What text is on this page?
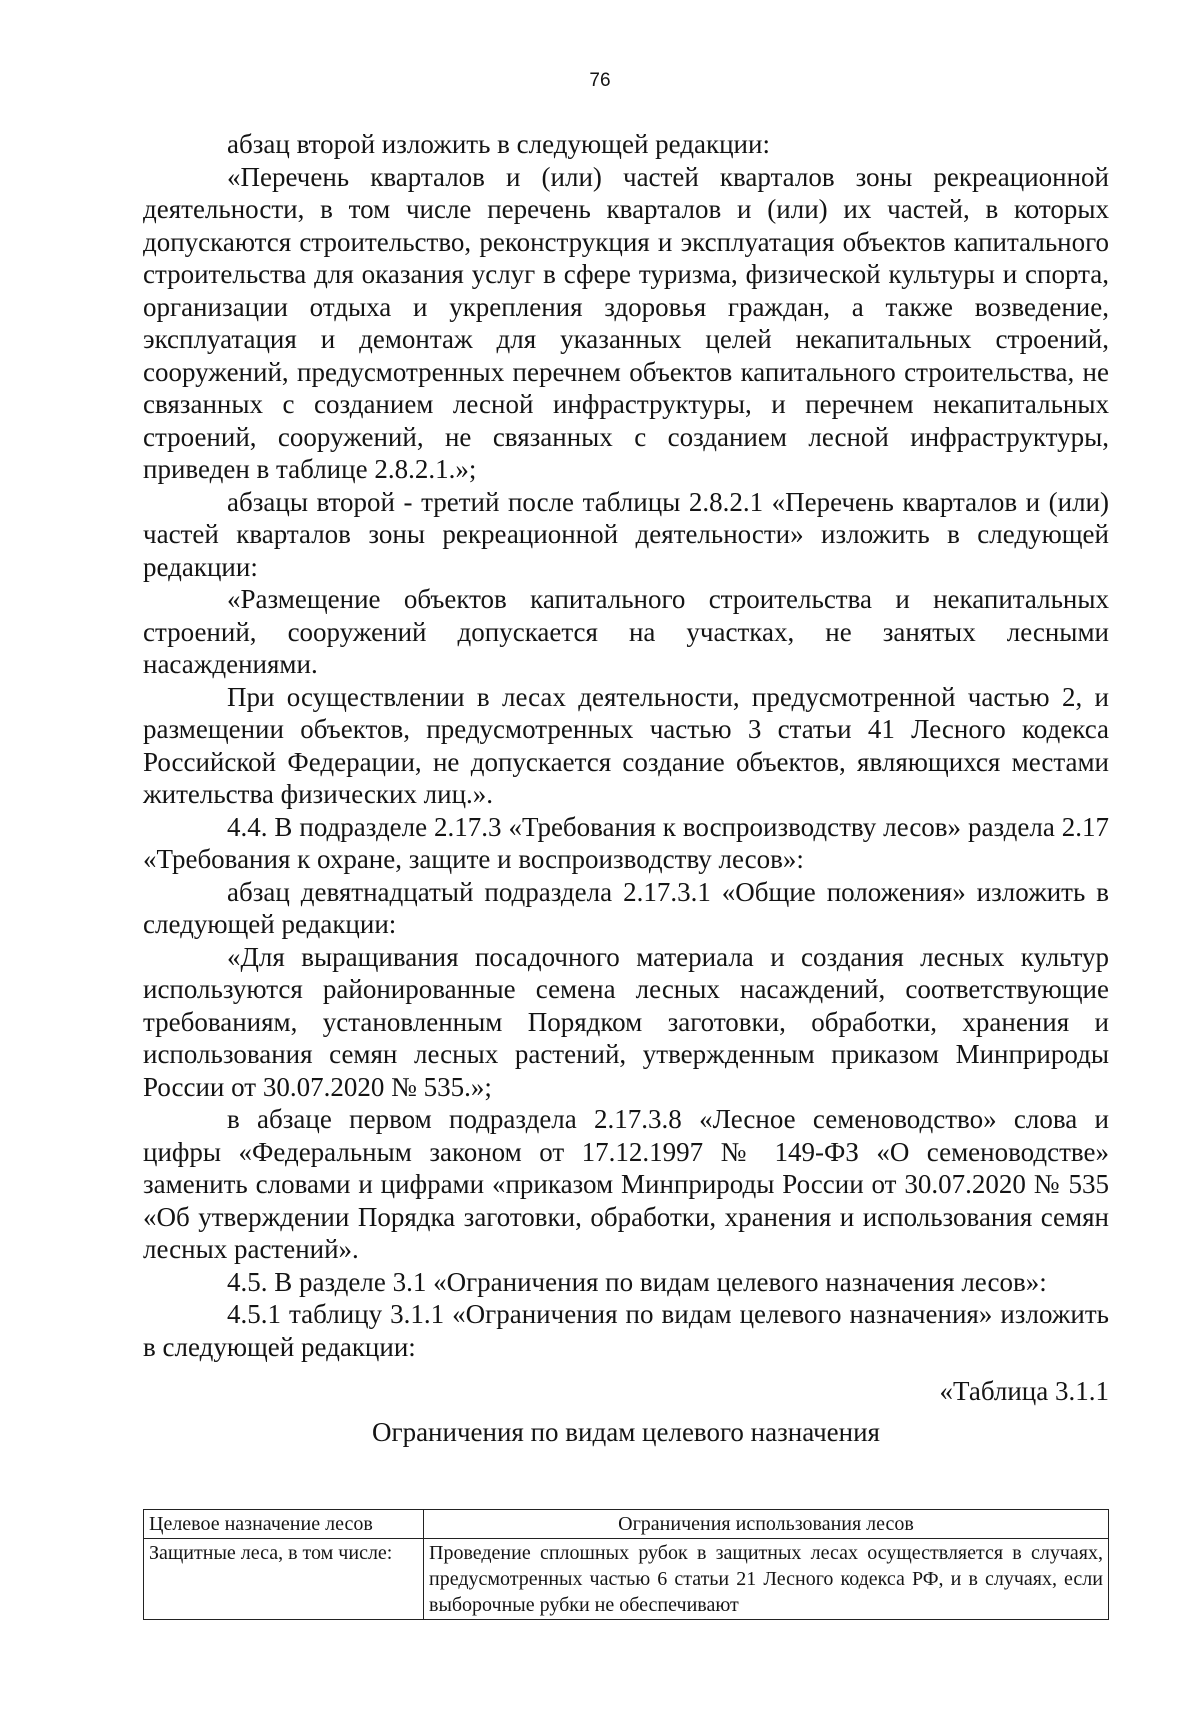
76

абзац второй изложить в следующей редакции:

«Перечень кварталов и (или) частей кварталов зоны рекреационной деятельности, в том числе перечень кварталов и (или) их частей, в которых допускаются строительство, реконструкция и эксплуатация объектов капитального строительства для оказания услуг в сфере туризма, физической культуры и спорта, организации отдыха и укрепления здоровья граждан, а также возведение, эксплуатация и демонтаж для указанных целей некапитальных строений, сооружений, предусмотренных перечнем объектов капитального строительства, не связанных с созданием лесной инфраструктуры, и перечнем некапитальных строений, сооружений, не связанных с созданием лесной инфраструктуры, приведен в таблице 2.8.2.1.»;

абзацы второй - третий после таблицы 2.8.2.1 «Перечень кварталов и (или) частей кварталов зоны рекреационной деятельности» изложить в следующей редакции:

«Размещение объектов капитального строительства и некапитальных строений, сооружений допускается на участках, не занятых лесными насаждениями.

При осуществлении в лесах деятельности, предусмотренной частью 2, и размещении объектов, предусмотренных частью 3 статьи 41 Лесного кодекса Российской Федерации, не допускается создание объектов, являющихся местами жительства физических лиц.».

4.4. В подразделе 2.17.3 «Требования к воспроизводству лесов» раздела 2.17 «Требования к охране, защите и воспроизводству лесов»:

абзац девятнадцатый подраздела 2.17.3.1 «Общие положения» изложить в следующей редакции:

«Для выращивания посадочного материала и создания лесных культур используются районированные семена лесных насаждений, соответствующие требованиям, установленным Порядком заготовки, обработки, хранения и использования семян лесных растений, утвержденным приказом Минприроды России от 30.07.2020 № 535.»;

в абзаце первом подраздела 2.17.3.8 «Лесное семеноводство» слова и цифры «Федеральным законом от 17.12.1997 № 149-ФЗ «О семеноводстве» заменить словами и цифрами «приказом Минприроды России от 30.07.2020 № 535 «Об утверждении Порядка заготовки, обработки, хранения и использования семян лесных растений».

4.5. В разделе 3.1 «Ограничения по видам целевого назначения лесов»:

4.5.1 таблицу 3.1.1 «Ограничения по видам целевого назначения» изложить в следующей редакции:

«Таблица 3.1.1
Ограничения по видам целевого назначения
Целевое назначение лесов	Ограничения использования лесов
Защитные леса, в том числе:	Проведение сплошных рубок в защитных лесах осуществляется в случаях, предусмотренных частью 6 статьи 21 Лесного кодекса РФ, и в случаях, если выборочные рубки не обеспечивают
